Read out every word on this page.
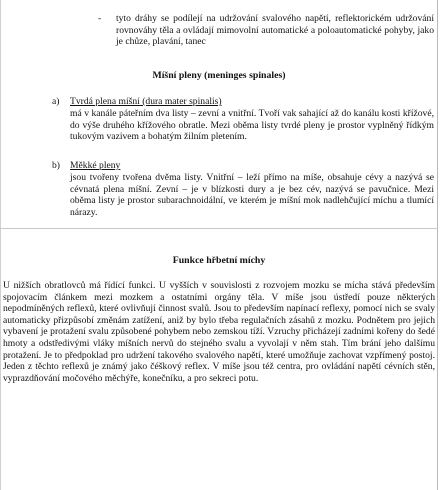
- tyto dráhy se podílejí na udržování svalového napětí, reflektorickém udržování rovnováhy těla a ovládají mimovolní automatické a poloautomatické pohyby, jako je chůze, plavání, tanec
Míšní pleny (meninges spinales)
a) Tvrdá plena míšní (dura mater spinalis)
má v kanále páteřním dva listy – zevní a vnitřní. Tvoří vak sahající až do kanálu kosti křížové, do výše druhého křížového obratle. Mezi oběma listy tvrdé pleny je prostor vyplněný řídkým tukovým vazivem a bohatým žilním pletením.
b) Měkké pleny
jsou tvořeny tvořena dvěma listy. Vnitřní – leží přímo na míše, obsahuje cévy a nazývá se cévnatá plena míšní. Zevní – je v blízkosti dury a je bez cév, nazývá se pavučnice. Mezi oběma listy je prostor subarachnoidální, ve kterém je míšní mok nadlehčující míchu a tlumící nárazy.
Funkce hřbetní míchy
U nižších obratlovců má řídící funkci. U vyšších v souvislosti z rozvojem mozku se mícha stává především spojovacím článkem mezi mozkem a ostatními orgány těla. V míše jsou ústředí pouze některých nepodmíněných reflexů, které ovlivňují činnost svalů. Jsou to především napínací reflexy, pomocí nich se svaly automaticky přizpůsobí změnám zatížení, aniž by bylo třeba regulačních zásahů z mozku. Podnětem pro jejich vybavení je protažení svalu způsobené pohybem nebo zemskou tíží. Vzruchy přicházejí zadními kořeny do šedé hmoty a odstředivými vláky míšních nervů do stejného svalu a vyvolají v něm stah. Tím brání jeho dalšímu protažení. Je to předpoklad pro udržení takového svalového napětí, které umožňuje zachovat vzpřímený postoj. Jeden z těchto reflexů je známý jako čéškový reflex. V míše jsou též centra, pro ovládání napětí cévních stěn, vyprazdňování močového měchýře, konečníku, a pro sekreci potu.
